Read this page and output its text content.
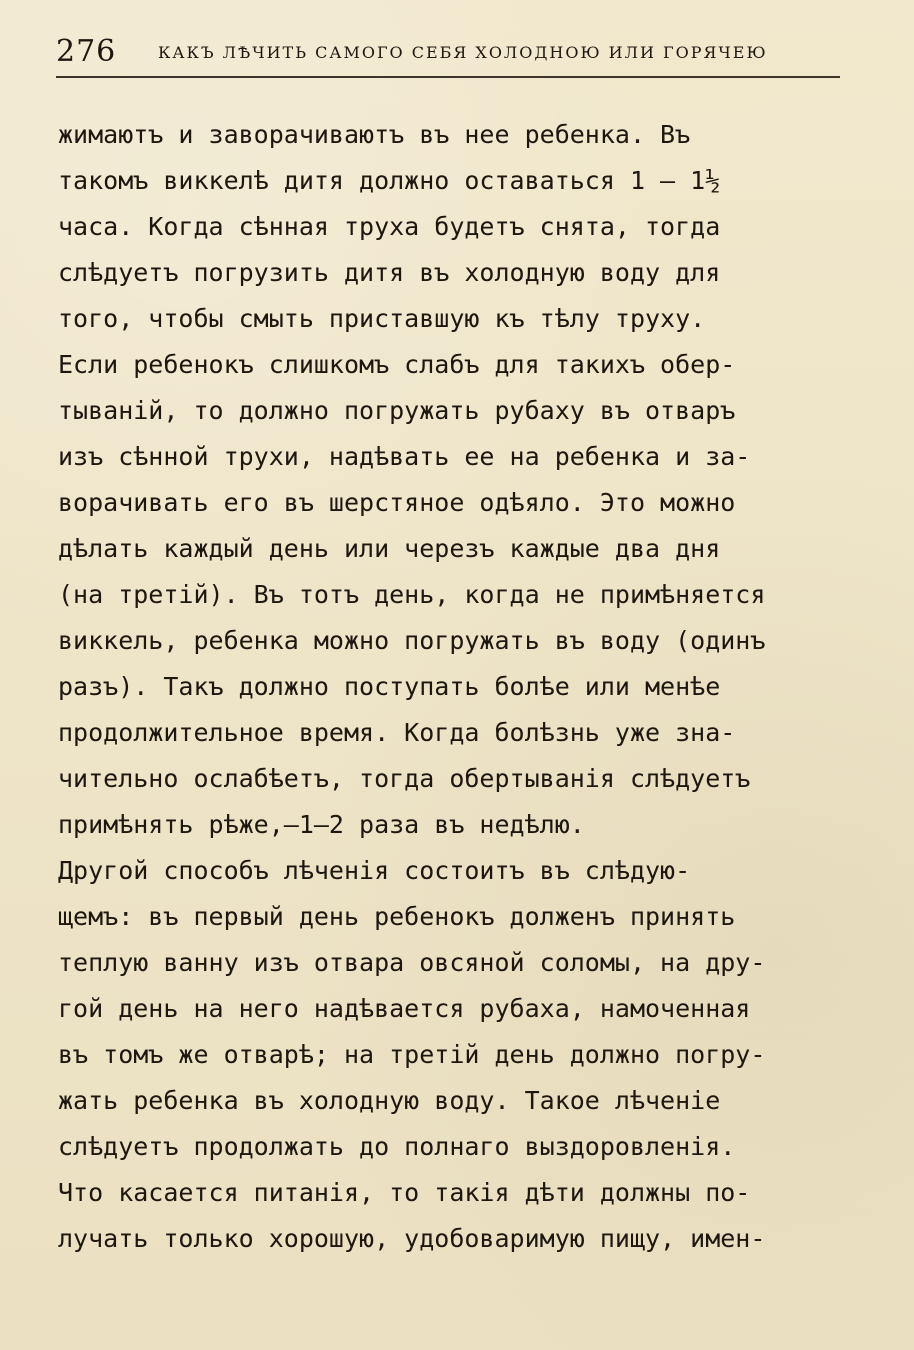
276	КАКЪ ЛѢЧИТЬ САМОГО СЕБЯ ХОЛОДНОЮ ИЛИ ГОРЯЧЕЮ
жимаютъ и заворачиваютъ въ нее ребенка. Въ
такомъ виккелѣ дитя должно оставаться 1 — 1½
часа. Когда сѣнная труха будетъ снята, тогда
слѣдуетъ погрузить дитя въ холодную воду для
того, чтобы смыть приставшую къ тѣлу труху.
Если ребенокъ слишкомъ слабъ для такихъ обер-
тываній, то должно погружать рубаху въ отваръ
изъ сѣнной трухи, надѣвать ее на ребенка и за-
ворачивать его въ шерстяное одѣяло. Это можно
дѣлать каждый день или черезъ каждые два дня
(на третій). Въ тотъ день, когда не примѣняется
виккель, ребенка можно погружать въ воду (одинъ
разъ). Такъ должно поступать болѣе или менѣе
продолжительное время. Когда болѣзнь уже зна-
чительно ослабѣетъ, тогда обертыванія слѣдуетъ
примѣнять рѣже,—1—2 раза въ недѣлю.
Другой способъ лѣченія состоитъ въ слѣдую-
щемъ: въ первый день ребенокъ долженъ принять
теплую ванну изъ отвара овсяной соломы, на дру-
гой день на него надѣвается рубаха, намоченная
въ томъ же отварѣ; на третій день должно погру-
жать ребенка въ холодную воду. Такое лѣченіе
слѣдуетъ продолжать до полнаго выздоровленія.
Что касается питанія, то такія дѣти должны по-
лучать только хорошую, удобоваримую пищу, имен-
